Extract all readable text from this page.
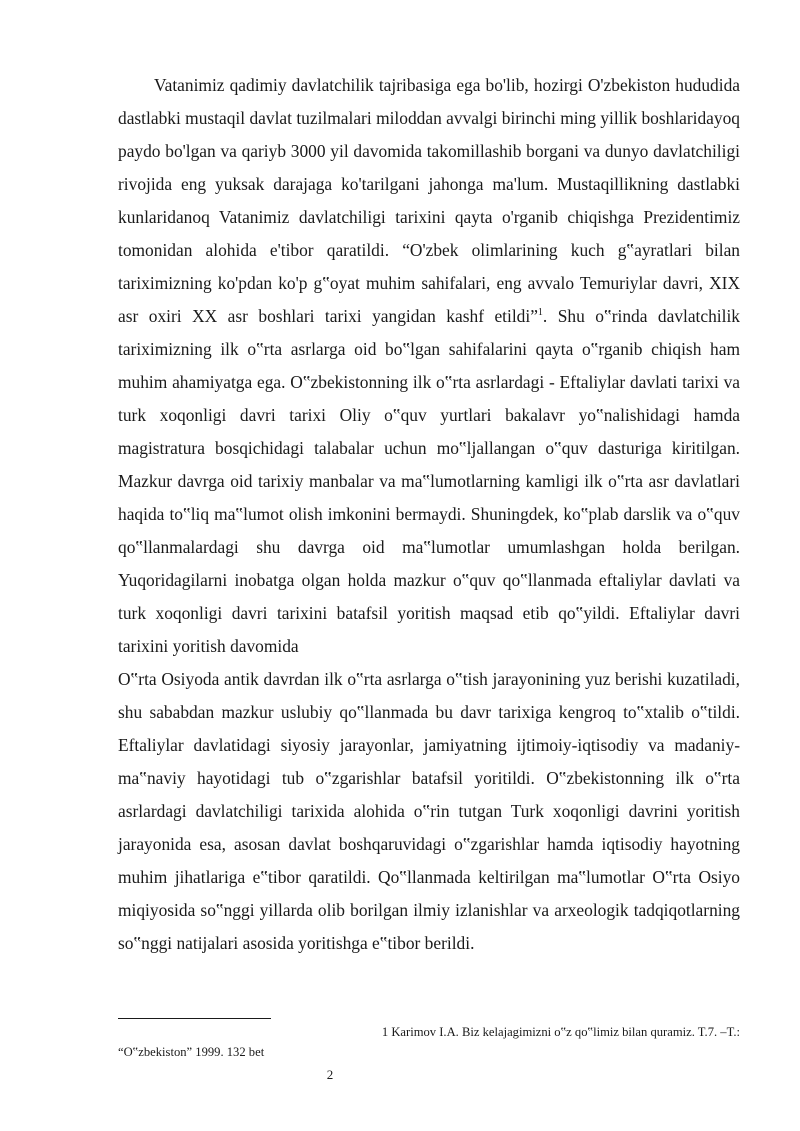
Vatanimiz qadimiy davlatchilik tajribasiga ega bo'lib, hozirgi O'zbekiston hududida dastlabki mustaqil davlat tuzilmalari miloddan avvalgi birinchi ming yillik boshlaridayoq paydo bo'lgan va qariyb 3000 yil davomida takomillashib borgani va dunyo davlatchiligi rivojida eng yuksak darajaga ko'tarilgani jahonga ma'lum. Mustaqillikning dastlabki kunlaridanoq Vatanimiz davlatchiligi tarixini qayta o'rganib chiqishga Prezidentimiz tomonidan alohida e'tibor qaratildi. “O'zbek olimlarining kuch g‟ayratlari bilan tariximizning ko'pdan ko'p g‟oyat muhim sahifalari, eng avvalo Temuriylar davri, XIX asr oxiri XX asr boshlari tarixi yangidan kashf etildi”$^1$. Shu o‟rinda davlatchilik tariximizning ilk o‟rta asrlarga oid bo‟lgan sahifalarini qayta o‟rganib chiqish ham muhim ahamiyatga ega. O‟zbekistonning ilk o‟rta asrlardagi - Eftaliylar davlati tarixi va turk xoqonligi davri tarixi Oliy o‟quv yurtlari bakalavr yo‟nalishidagi hamda magistratura bosqichidagi talabalar uchun mo‟ljallangan o‟quv dasturiga kiritilgan. Mazkur davrga oid tarixiy manbalar va ma‟lumotlarning kamligi ilk o‟rta asr davlatlari haqida to‟liq ma‟lumot olish imkonini bermaydi. Shuningdek, ko‟plab darslik va o‟quv qo‟llanmalardagi shu davrga oid ma‟lumotlar umumlashgan holda berilgan. Yuqoridagilarni inobatga olgan holda mazkur o‟quv qo‟llanmada eftaliylar davlati va turk xoqonligi davri tarixini batafsil yoritish maqsad etib qo‟yildi. Eftaliylar davri tarixini yoritish davomida

O‟rta Osiyoda antik davrdan ilk o‟rta asrlarga o‟tish jarayonining yuz berishi kuzatiladi, shu sababdan mazkur uslubiy qo‟llanmada bu davr tarixiga kengroq to‟xtalib o‟tildi. Eftaliylar davlatidagi siyosiy jarayonlar, jamiyatning ijtimoiy-iqtisodiy va madaniy-ma‟naviy hayotidagi tub o‟zgarishlar batafsil yoritildi. O‟zbekistonning ilk o‟rta asrlardagi davlatchiligi tarixida alohida o‟rin tutgan Turk xoqonligi davrini yoritish jarayonida esa, asosan davlat boshqaruvidagi o‟zgarishlar hamda iqtisodiy hayotning muhim jihatlariga e‟tibor qaratildi. Qo‟llanmada keltirilgan ma‟lumotlar O‟rta Osiyo miqiyosida so‟nggi yillarda olib borilgan ilmiy izlanishlar va arxeologik tadqiqotlarning so‟nggi natijalari asosida yoritishga e‟tibor berildi.

1 Karimov I.A. Biz kelajagimizni o‟z qo‟limiz bilan quramiz. T.7. –T.:
“O‟zbekiston” 1999. 132 bet
2
